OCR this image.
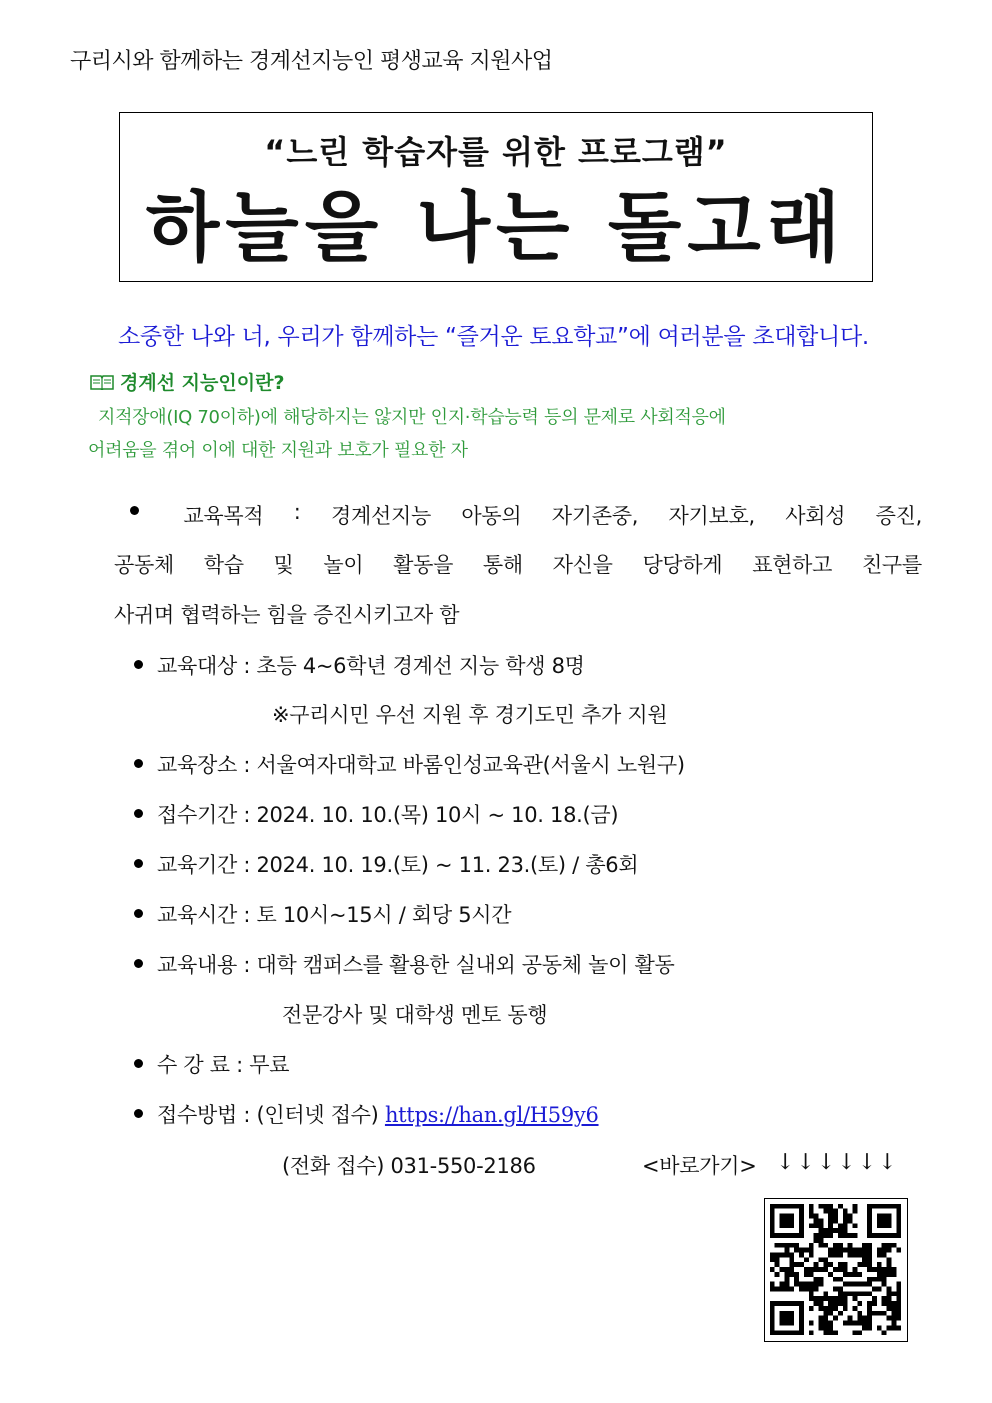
구리시와 함께하는 경계선지능인 평생교육 지원사업
“느린 학습자를 위한 프로그램”
하늘을 나는 돌고래
소중한 나와 너, 우리가 함께하는 “즐거운 토요학교”에 여러분을 초대합니다.
경계선 지능인이란?
지적장애(IQ 70이하)에 해당하지는 않지만 인지·학습능력 등의 문제로 사회적응에
어려움을 겪어 이에 대한 지원과 보호가 필요한 자
교육목적 : 경계선지능 아동의 자기존중, 자기보호, 사회성 증진,
공동체 학습 및 놀이 활동을 통해 자신을 당당하게 표현하고 친구를
사귀며 협력하는 힘을 증진시키고자 함
교육대상 : 초등 4~6학년 경계선 지능 학생 8명
※구리시민 우선 지원 후 경기도민 추가 지원
교육장소 : 서울여자대학교 바롬인성교육관(서울시 노원구)
접수기간 : 2024. 10. 10.(목) 10시 ~ 10. 18.(금)
교육기간 : 2024. 10. 19.(토) ~ 11. 23.(토) / 총6회
교육시간 : 토 10시~15시 / 회당 5시간
교육내용 : 대학 캠퍼스를 활용한 실내외 공동체 놀이 활동
전문강사 및 대학생 멘토 동행
수 강 료 : 무료
접수방법 : (인터넷 접수) https://han.gl/H59y6
(전화 접수) 031-550-2186	<바로가기> ↓↓↓↓↓↓
